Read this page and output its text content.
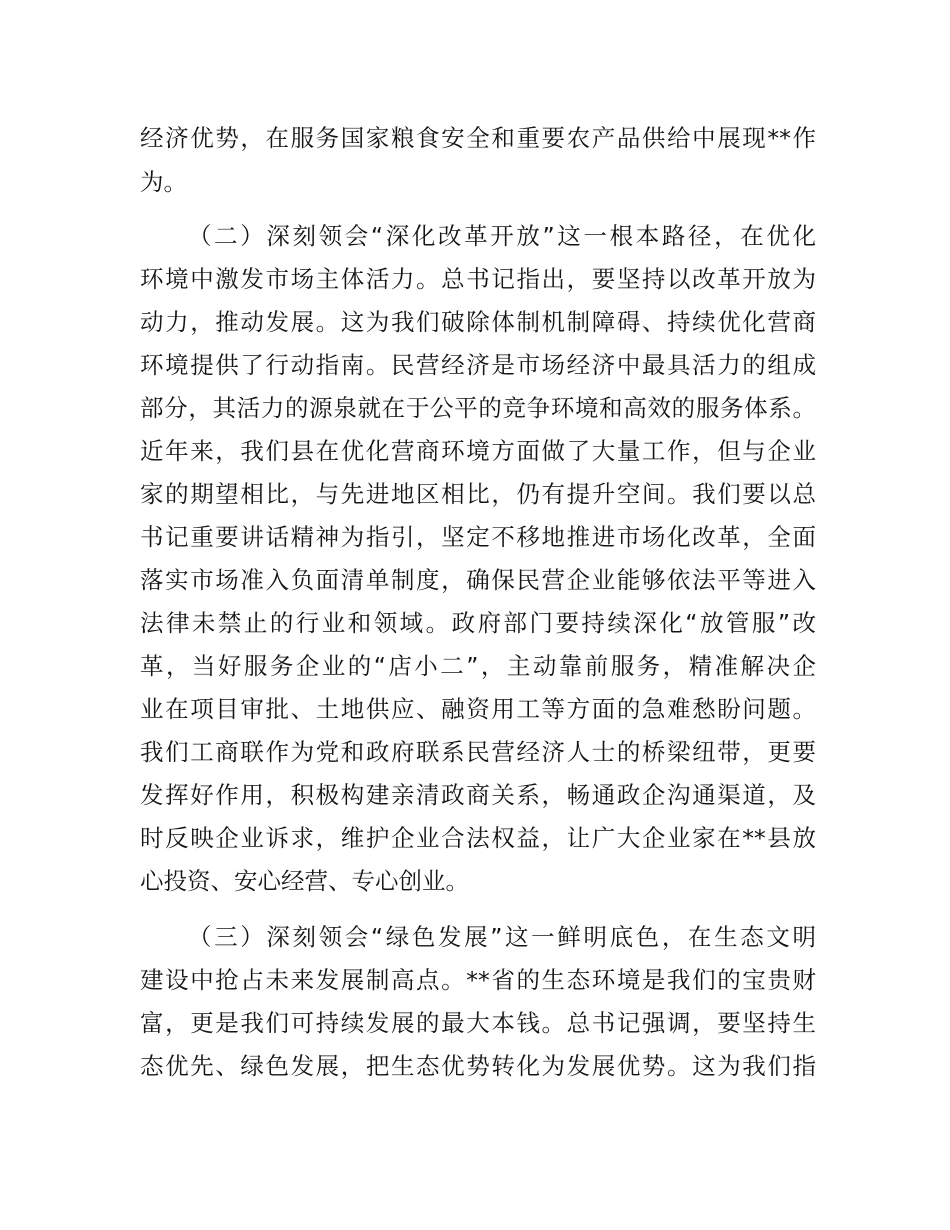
经济优势，在服务国家粮食安全和重要农产品供给中展现**作
为。
（二）深刻领会“深化改革开放”这一根本路径，在优化
环境中激发市场主体活力。总书记指出，要坚持以改革开放为
动力，推动发展。这为我们破除体制机制障碍、持续优化营商
环境提供了行动指南。民营经济是市场经济中最具活力的组成
部分，其活力的源泉就在于公平的竞争环境和高效的服务体系。
近年来，我们县在优化营商环境方面做了大量工作，但与企业
家的期望相比，与先进地区相比，仍有提升空间。我们要以总
书记重要讲话精神为指引，坚定不移地推进市场化改革，全面
落实市场准入负面清单制度，确保民营企业能够依法平等进入
法律未禁止的行业和领域。政府部门要持续深化“放管服”改
革，当好服务企业的“店小二”，主动靠前服务，精准解决企
业在项目审批、土地供应、融资用工等方面的急难愁盼问题。
我们工商联作为党和政府联系民营经济人士的桥梁纽带，更要
发挥好作用，积极构建亲清政商关系，畅通政企沟通渠道，及
时反映企业诉求，维护企业合法权益，让广大企业家在**县放
心投资、安心经营、专心创业。
（三）深刻领会“绿色发展”这一鲜明底色，在生态文明
建设中抢占未来发展制高点。**省的生态环境是我们的宝贵财
富，更是我们可持续发展的最大本钱。总书记强调，要坚持生
态优先、绿色发展，把生态优势转化为发展优势。这为我们指
